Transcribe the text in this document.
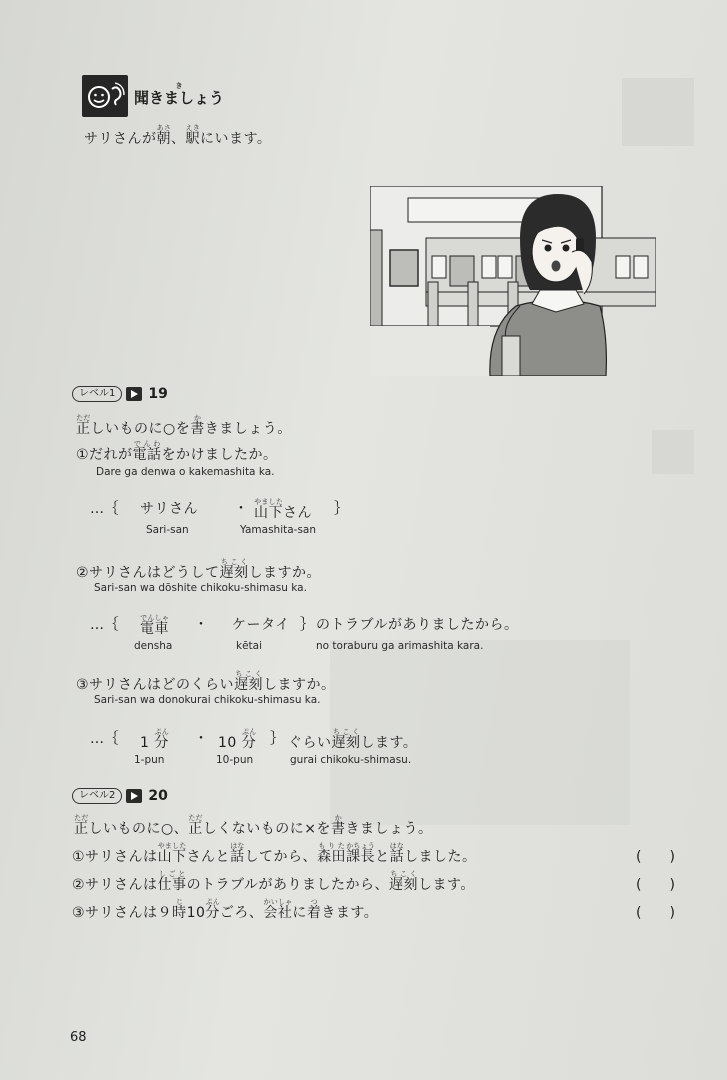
聞きましょうき
サリさんが朝あさ、駅えきにいます。
レベル1	19
正ただしいものに○を書かきましょう。
①だれが電話でんわをかけましたか。
Dare ga denwa o kakemashita ka.
…｛ サリさん	・ 山下やましたさん ｝
Sari-san	Yamashita-san
②サリさんはどうして遅刻ちこくしますか。
Sari-san wa dōshite chikoku-shimasu ka.
…｛ 電車でんしゃ ・ ケータイ ｝ のトラブルがありましたから。
densha	kētai	no toraburu ga arimashita kara.
③サリさんはどのくらい遅刻ちこくしますか。
Sari-san wa donokurai chikoku-shimasu ka.
…｛ 1 分ぷん ・ 10 分ぷん ｝ ぐらい遅刻ちこくします。
1-pun	10-pun	gurai chikoku-shimasu.
レベル2	20
正ただしいものに○、正ただしくないものに×を書かきましょう。
①サリさんは山下やましたさんと話はなしてから、森田もりた課長かちょうと話はなしました。	(　　)
②サリさんは仕事しごとのトラブルがありましたから、遅刻ちこくします。	(　　)
③サリさんは９時じ10分ぷんごろ、会社かいしゃに着つきます。	(　　)
68
